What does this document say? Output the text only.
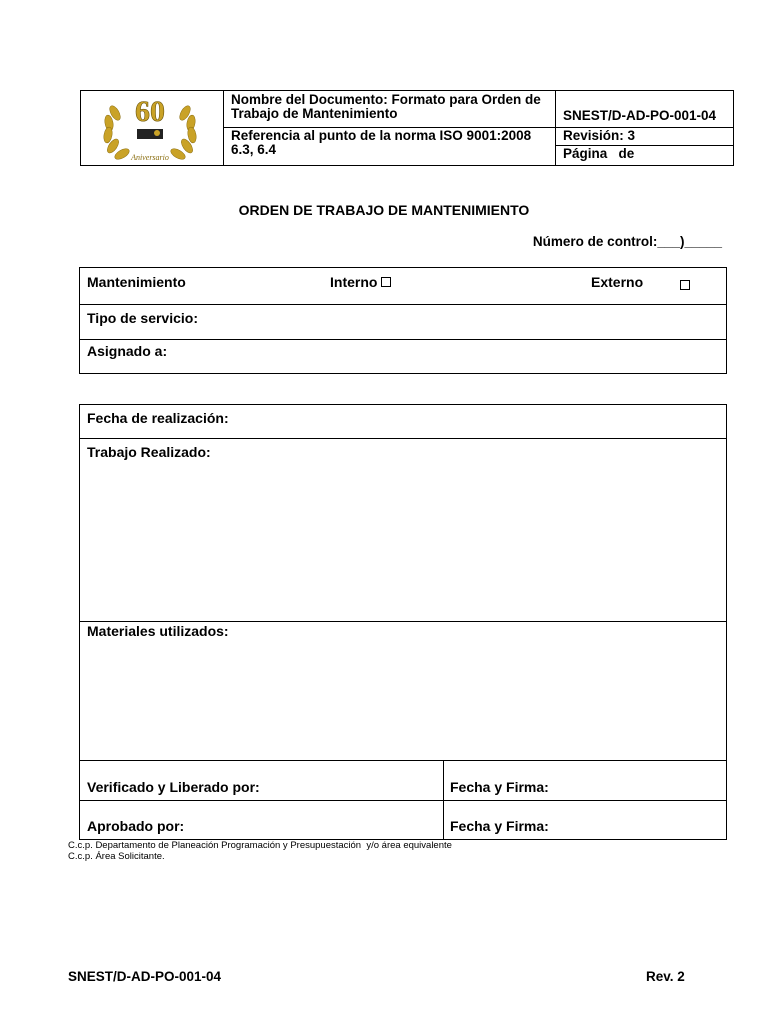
60
Aniversario
Nombre del Documento: Formato para Orden de Trabajo de Mantenimiento	SNEST/D-AD-PO-001-04
Referencia al punto de la norma ISO 9001:2008 6.3, 6.4
Revisión: 3
Página   de
ORDEN DE TRABAJO DE MANTENIMIENTO
Número de control:___)_____
Mantenimiento	Interno	Externo
Tipo de servicio:
Asignado a:
Fecha de realización:
Trabajo Realizado:
Materiales utilizados:
Verificado y Liberado por:	Fecha y Firma:
Aprobado por:	Fecha y Firma:
C.c.p. Departamento de Planeación Programación y Presupuestación  y/o área equivalente
C.c.p. Área Solicitante.
SNEST/D-AD-PO-001-04	Rev. 2
